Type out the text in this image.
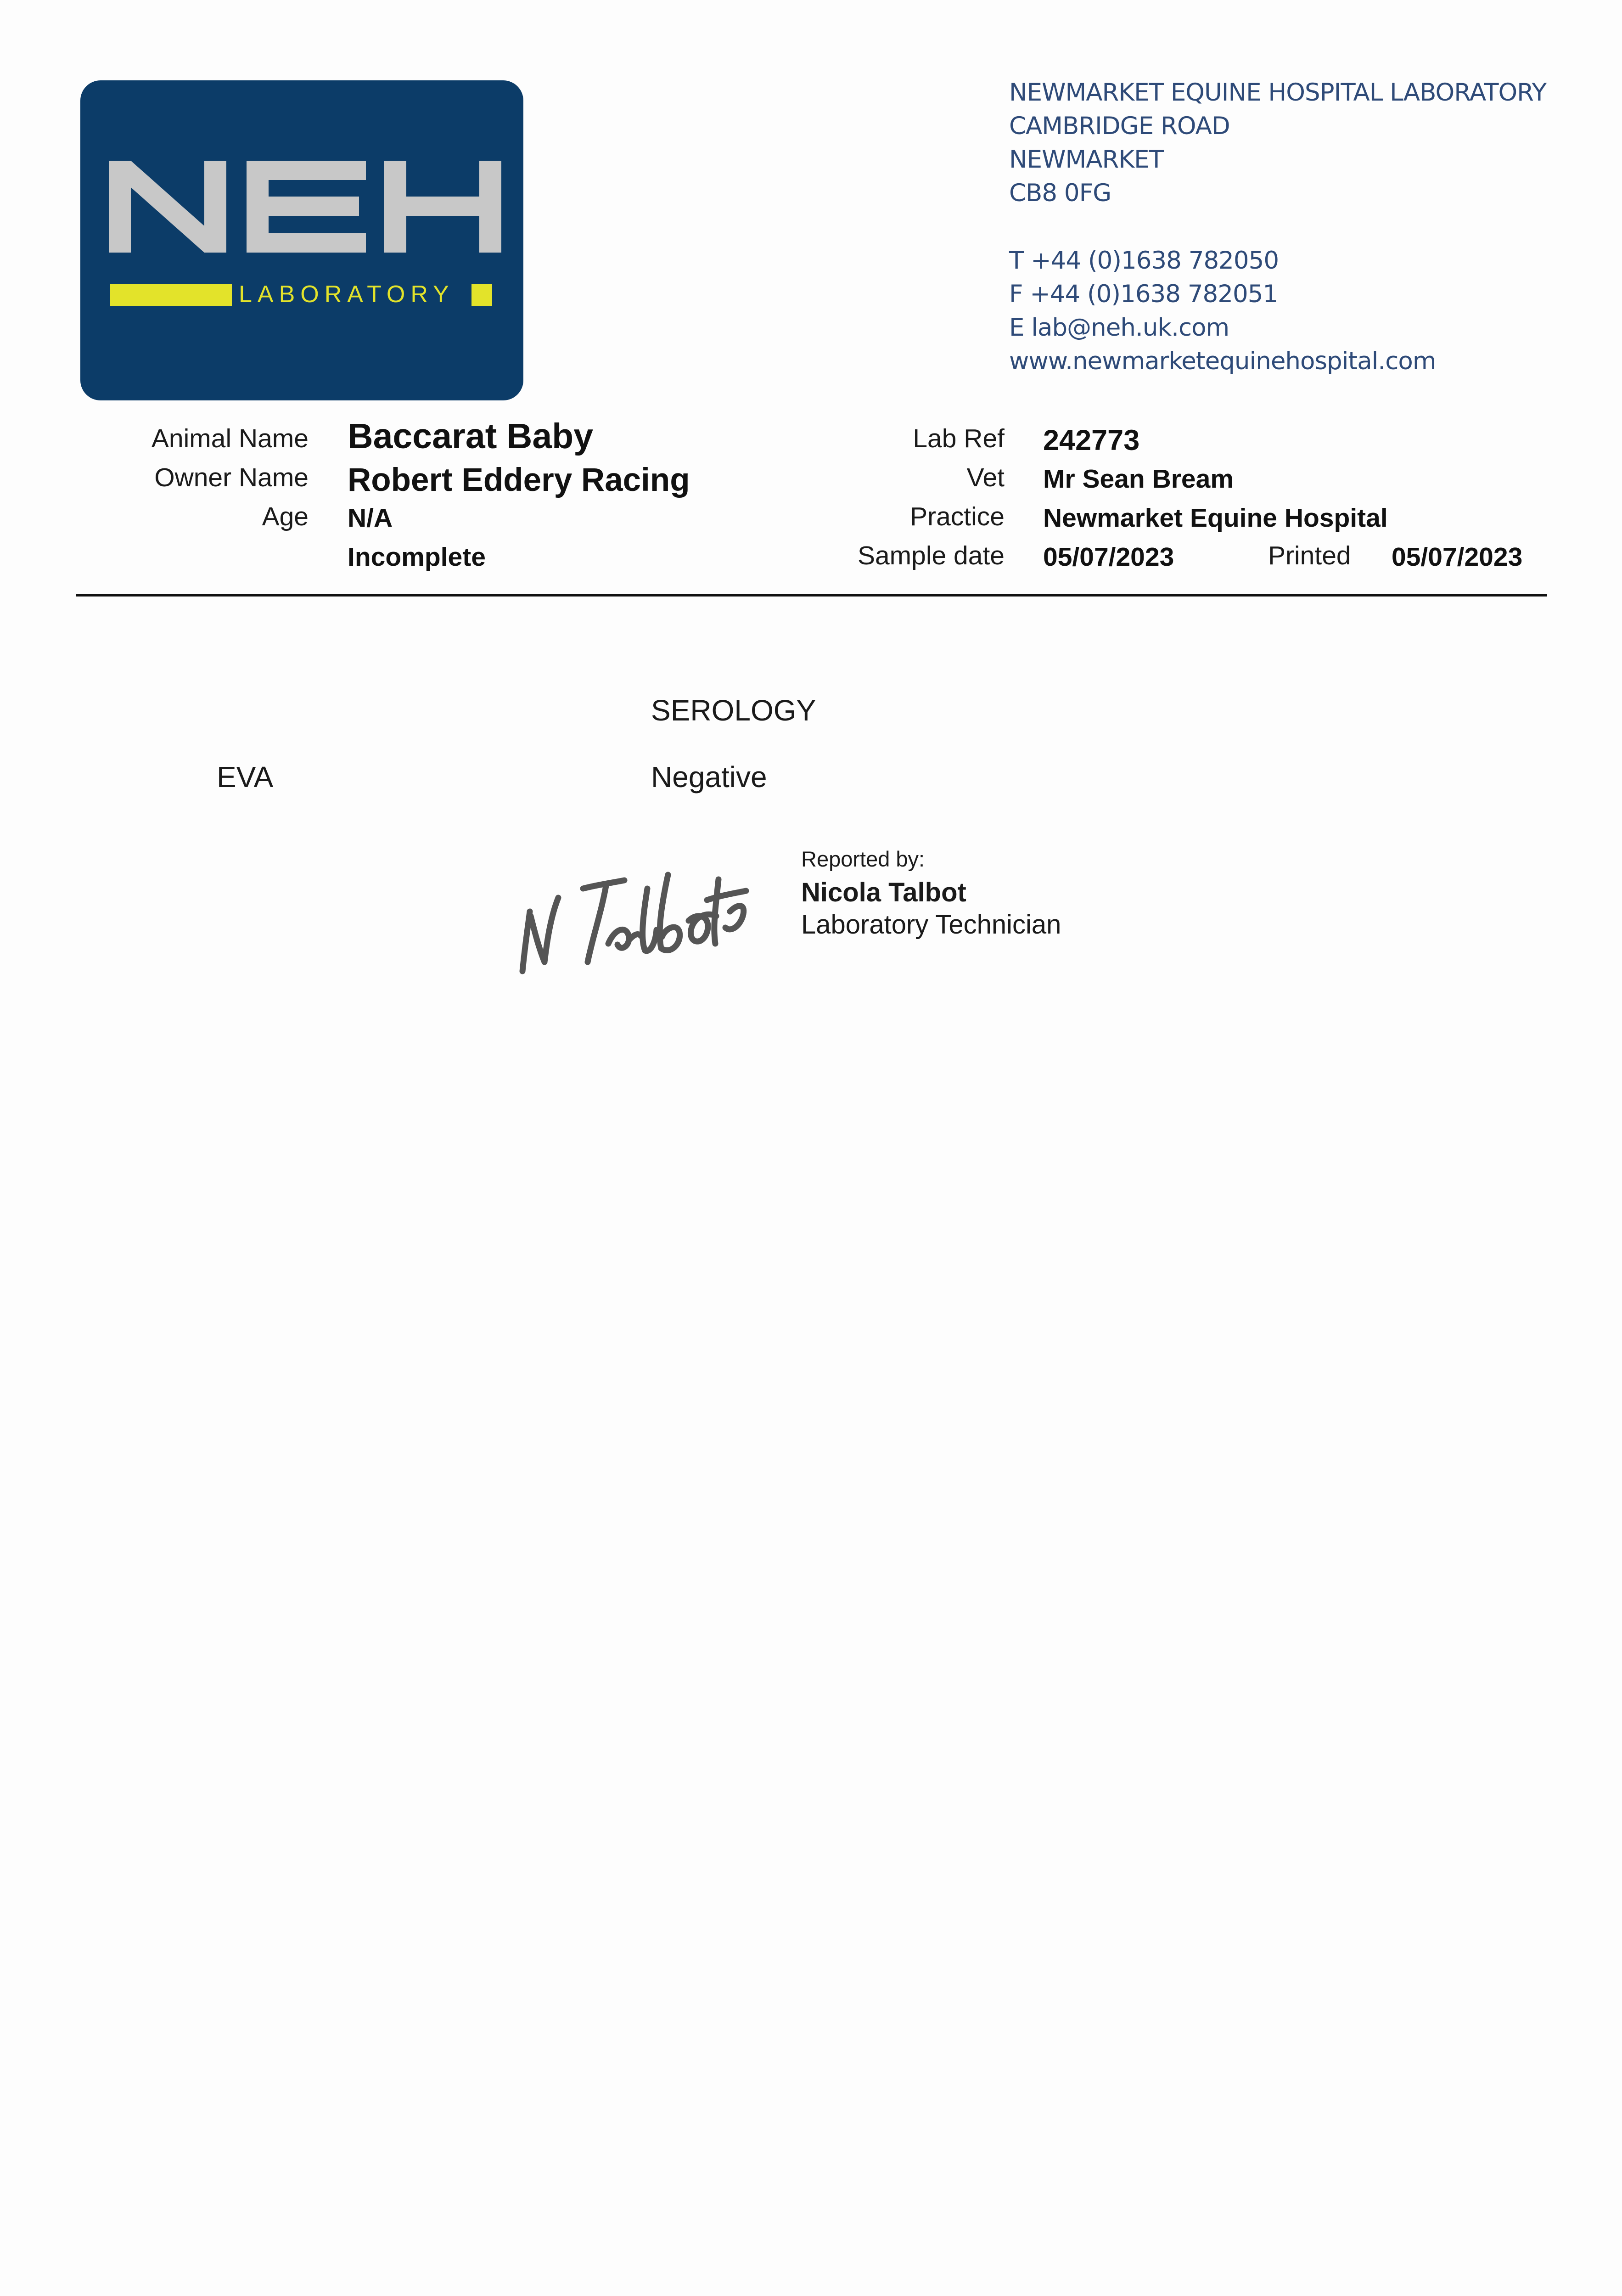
LABORATORY
NEWMARKET EQUINE HOSPITAL LABORATORY
CAMBRIDGE ROAD
NEWMARKET
CB8 0FG
T +44 (0)1638 782050
F +44 (0)1638 782051
E lab@neh.uk.com
www.newmarketequinehospital.com
Animal Name Baccarat Baby
Owner Name Robert Eddery Racing
Age N/A
Incomplete
Lab Ref 242773
Vet Mr Sean Bream
Practice Newmarket Equine Hospital
Sample date 05/07/2023	Printed 05/07/2023
SEROLOGY
EVA	Negative
Reported by:
Nicola Talbot
Laboratory Technician
